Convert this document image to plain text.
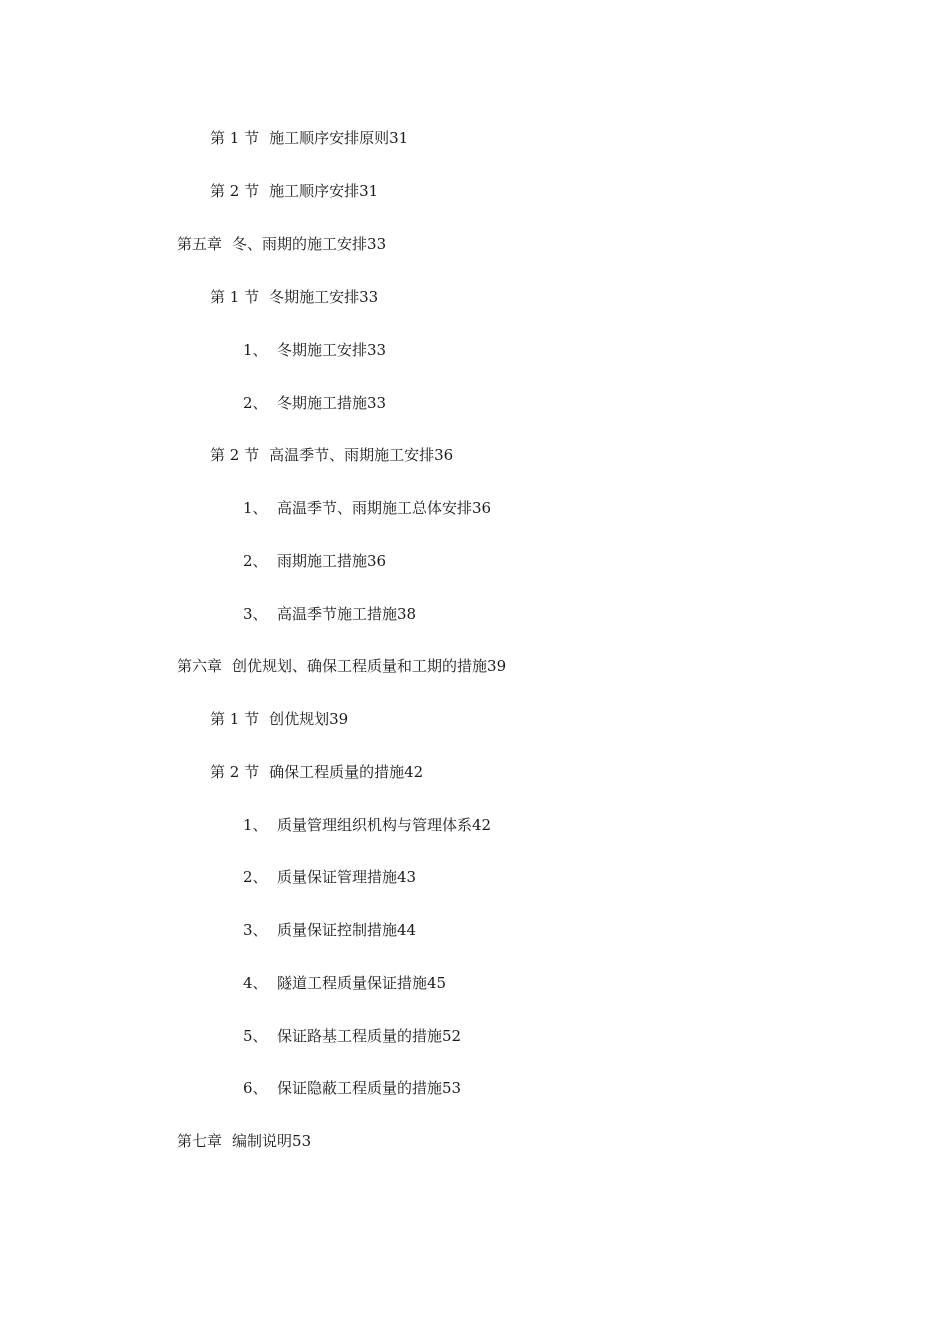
第 1 节 施工顺序安排原则31
第 2 节 施工顺序安排31
第五章 冬、雨期的施工安排33
第 1 节 冬期施工安排33
1、 冬期施工安排33
2、 冬期施工措施33
第 2 节 高温季节、雨期施工安排36
1、 高温季节、雨期施工总体安排36
2、 雨期施工措施36
3、 高温季节施工措施38
第六章 创优规划、确保工程质量和工期的措施39
第 1 节 创优规划39
第 2 节 确保工程质量的措施42
1、 质量管理组织机构与管理体系42
2、 质量保证管理措施43
3、 质量保证控制措施44
4、 隧道工程质量保证措施45
5、 保证路基工程质量的措施52
6、 保证隐蔽工程质量的措施53
第七章 编制说明53
